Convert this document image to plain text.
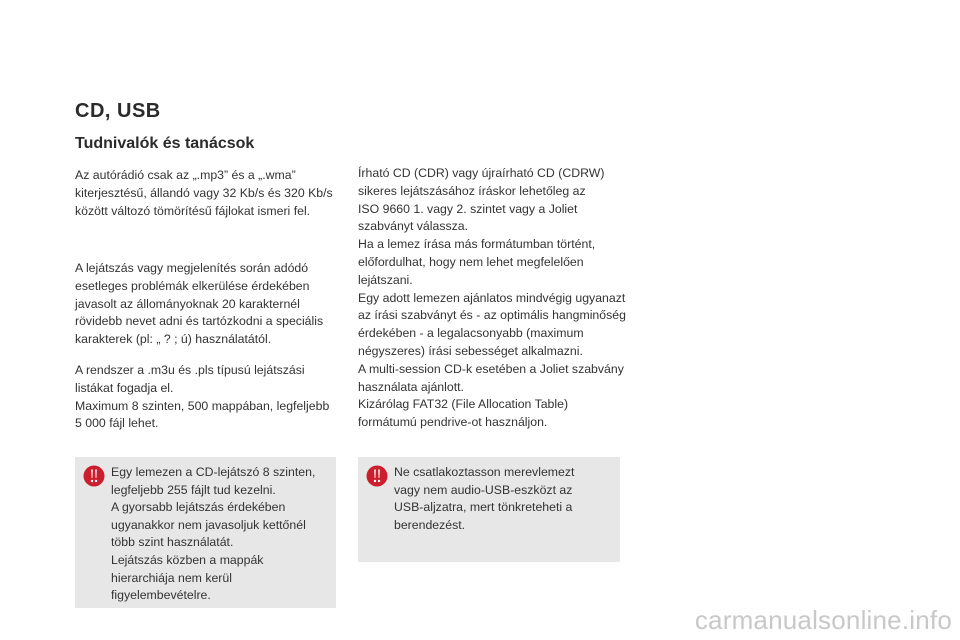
CD, USB
Tudnivalók és tanácsok
Az autórádió csak az „.mp3” és a „.wma”
kiterjesztésű, állandó vagy 32 Kb/s és 320 Kb/s
között változó tömörítésű fájlokat ismeri fel.
A lejátszás vagy megjelenítés során adódó
esetleges problémák elkerülése érdekében
javasolt az állományoknak 20 karakternél
rövidebb nevet adni és tartózkodni a speciális
karakterek (pl: „ ? ; ú) használatától.
A rendszer a .m3u és .pls típusú lejátszási
listákat fogadja el.
Maximum 8 szinten, 500 mappában, legfeljebb
5 000 fájl lehet.
Írható CD (CDR) vagy újraírható CD (CDRW)
sikeres lejátszásához íráskor lehetőleg az
ISO 9660 1. vagy 2. szintet vagy a Joliet
szabványt válassza.
Ha a lemez írása más formátumban történt,
előfordulhat, hogy nem lehet megfelelően
lejátszani.
Egy adott lemezen ajánlatos mindvégig ugyanazt
az írási szabványt és - az optimális hangminőség
érdekében - a legalacsonyabb (maximum
négyszeres) írási sebességet alkalmazni.
A multi-session CD-k esetében a Joliet szabvány
használata ajánlott.
Kizárólag FAT32 (File Allocation Table)
formátumú pendrive-ot használjon.
Egy lemezen a CD-lejátszó 8 szinten,
legfeljebb 255 fájlt tud kezelni.
A gyorsabb lejátszás érdekében
ugyanakkor nem javasoljuk kettőnél
több szint használatát.
Lejátszás közben a mappák
hierarchiája nem kerül
figyelembevételre.
Ne csatlakoztasson merevlemezt
vagy nem audio-USB-eszközt az
USB-aljzatra, mert tönkreteheti a
berendezést.
carmanualsonline.info
